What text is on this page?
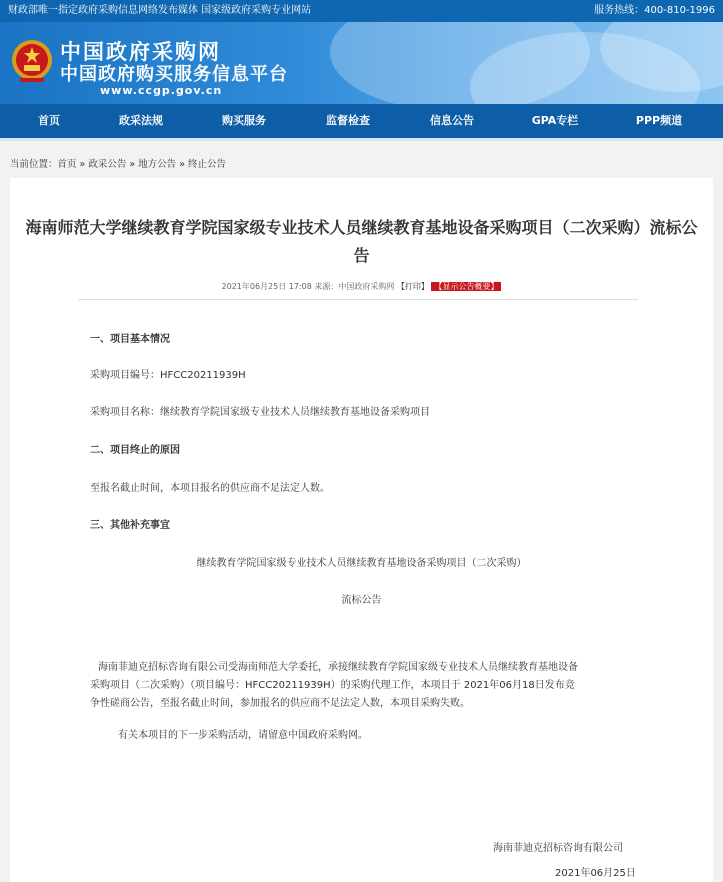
财政部唯一指定政府采购信息网络发布媒体 国家级政府采购专业网站	服务热线：400-810-1996
中国政府采购网
中国政府购买服务信息平台
www.ccgp.gov.cn
首页	政采法规	购买服务	监督检查	信息公告	GPA专栏	PPP频道
当前位置：首页 » 政采公告 » 地方公告 » 终止公告
海南师范大学继续教育学院国家级专业技术人员继续教育基地设备采购项目（二次采购）流标公告
2021年06月25日 17:08 来源：中国政府采购网 【打印】 【显示公告概要】
一、项目基本情况
采购项目编号：HFCC20211939H
采购项目名称：继续教育学院国家级专业技术人员继续教育基地设备采购项目
二、项目终止的原因
至报名截止时间，本项目报名的供应商不足法定人数。
三、其他补充事宜
继续教育学院国家级专业技术人员继续教育基地设备采购项目（二次采购）
流标公告
海南菲迪克招标咨询有限公司受海南师范大学委托，承接继续教育学院国家级专业技术人员继续教育基地设备
采购项目（二次采购）（项目编号：HFCC20211939H）的采购代理工作，本项目于 2021年06月18日发布竞
争性磋商公告，至报名截止时间，参加报名的供应商不足法定人数，本项目采购失败。
有关本项目的下一步采购活动，请留意中国政府采购网。
海南菲迪克招标咨询有限公司
2021年06月25日
